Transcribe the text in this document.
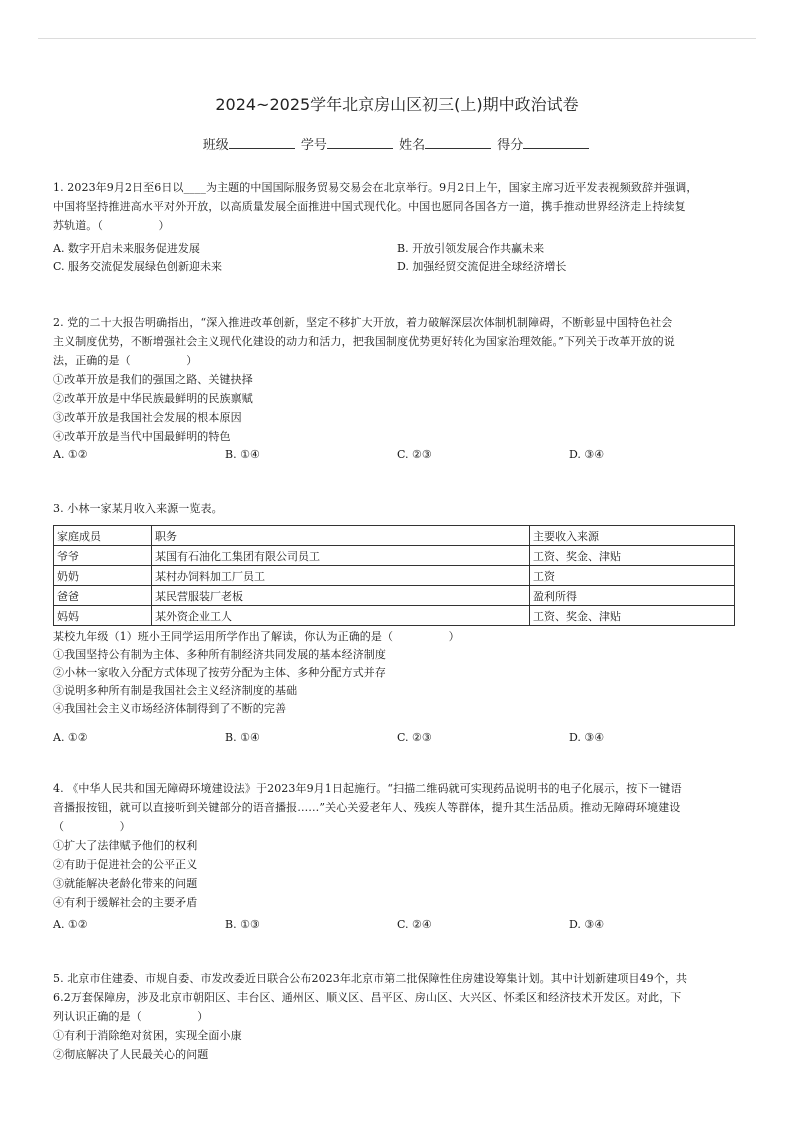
2024~2025学年北京房山区初三(上)期中政治试卷
班级	学号	姓名	得分

1. 2023年9月2日至6日以____为主题的中国国际服务贸易交易会在北京举行。9月2日上午，国家主席习近平发表视频致辞并强调，

中国将坚持推进高水平对外开放，以高质量发展全面推进中国式现代化。中国也愿同各国各方一道，携手推动世界经济走上持续复

苏轨道。（　　　　　）

A. 数字开启未来服务促进发展	B. 开放引领发展合作共赢未来
C. 服务交流促发展绿色创新迎未来	D. 加强经贸交流促进全球经济增长

2. 党的二十大报告明确指出，“深入推进改革创新，坚定不移扩大开放，着力破解深层次体制机制障碍，不断彰显中国特色社会

主义制度优势，不断增强社会主义现代化建设的动力和活力，把我国制度优势更好转化为国家治理效能。”下列关于改革开放的说

法，正确的是（　　　　　）

①改革开放是我们的强国之路、关键抉择

②改革开放是中华民族最鲜明的民族禀赋

③改革开放是我国社会发展的根本原因

④改革开放是当代中国最鲜明的特色

A. ①②	B. ①④	C. ②③	D. ③④

3. 小林一家某月收入来源一览表。

家庭成员	职务	主要收入来源
爷爷	某国有石油化工集团有限公司员工	工资、奖金、津贴
奶奶	某村办饲料加工厂员工	工资
爸爸	某民营服装厂老板	盈利所得
妈妈	某外资企业工人	工资、奖金、津贴

某校九年级（1）班小王同学运用所学作出了解读，你认为正确的是（　　　　　）

①我国坚持公有制为主体、多种所有制经济共同发展的基本经济制度

②小林一家收入分配方式体现了按劳分配为主体、多种分配方式并存

③说明多种所有制是我国社会主义经济制度的基础

④我国社会主义市场经济体制得到了不断的完善

A. ①②	B. ①④	C. ②③	D. ③④

4. 《中华人民共和国无障碍环境建设法》于2023年9月1日起施行。“扫描二维码就可实现药品说明书的电子化展示，按下一键语

音播报按钮，就可以直接听到关键部分的语音播报……”关心关爱老年人、残疾人等群体，提升其生活品质。推动无障碍环境建设

（　　　　　）

①扩大了法律赋予他们的权利

②有助于促进社会的公平正义

③就能解决老龄化带来的问题

④有利于缓解社会的主要矛盾

A. ①②	B. ①③	C. ②④	D. ③④

5. 北京市住建委、市规自委、市发改委近日联合公布2023年北京市第二批保障性住房建设筹集计划。其中计划新建项目49个，共

6.2万套保障房，涉及北京市朝阳区、丰台区、通州区、顺义区、昌平区、房山区、大兴区、怀柔区和经济技术开发区。对此，下

列认识正确的是（　　　　　）

①有利于消除绝对贫困，实现全面小康

②彻底解决了人民最关心的问题
